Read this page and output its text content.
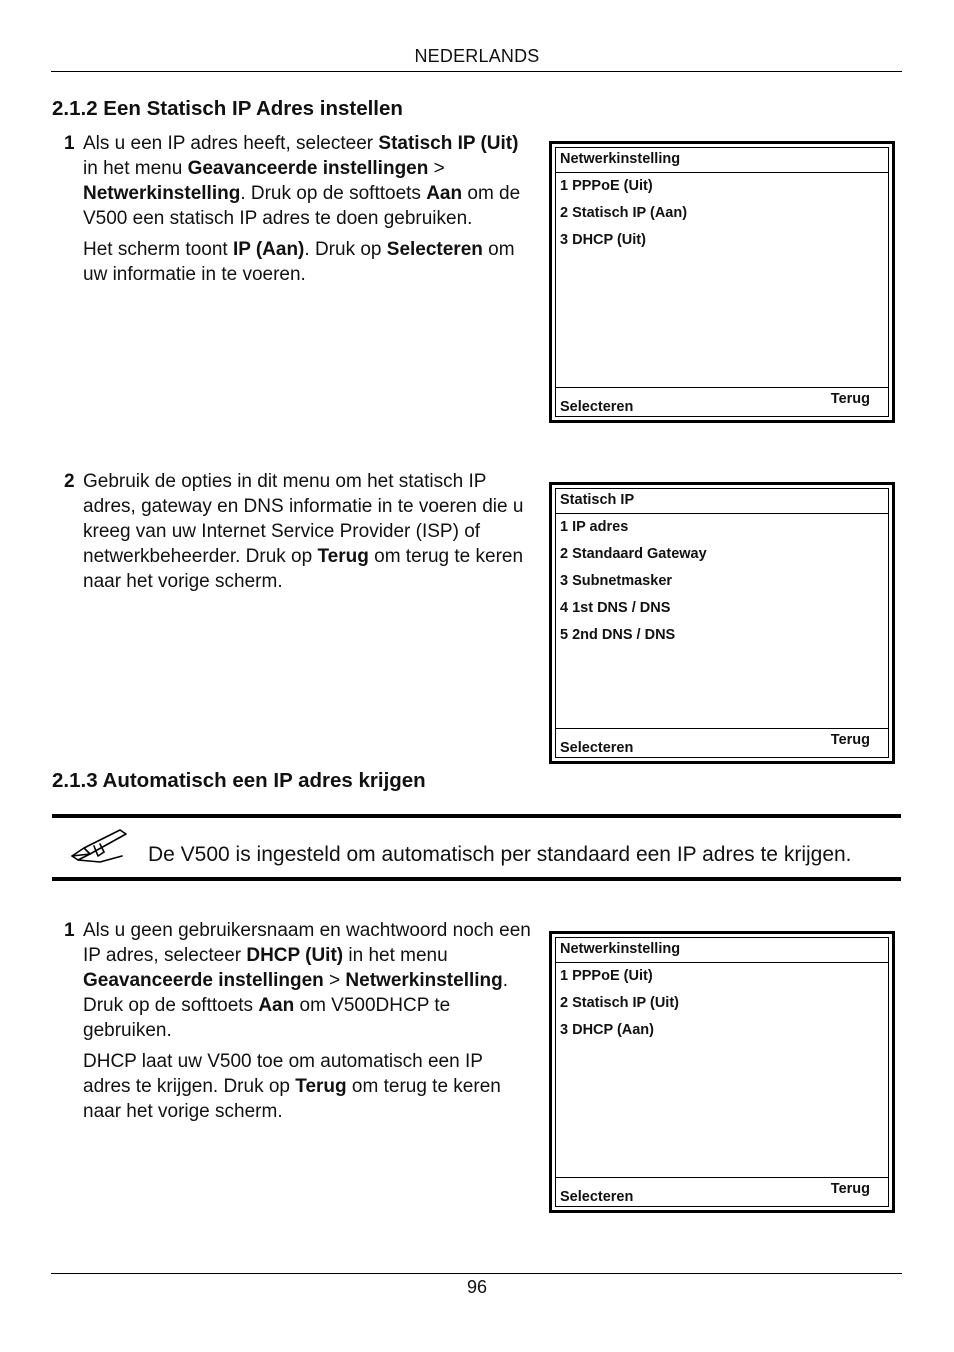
NEDERLANDS
2.1.2 Een Statisch IP Adres instellen
1 Als u een IP adres heeft, selecteer Statisch IP (Uit) in het menu Geavanceerde instellingen > Netwerkinstelling. Druk op de softtoets Aan om de V500 een statisch IP adres te doen gebruiken.

Het scherm toont IP (Aan). Druk op Selecteren om uw informatie in te voeren.

Netwerkinstelling
1 PPPoE (Uit)
2 Statisch IP (Aan)
3 DHCP (Uit)
Selecteren	Terug
2 Gebruik de opties in dit menu om het statisch IP adres, gateway en DNS informatie in te voeren die u kreeg van uw Internet Service Provider (ISP) of netwerkbeheerder. Druk op Terug om terug te keren naar het vorige scherm.

Statisch IP
1 IP adres
2 Standaard Gateway
3 Subnetmasker
4 1st DNS / DNS
5 2nd DNS / DNS
Selecteren	Terug
2.1.3 Automatisch een IP adres krijgen
De V500 is ingesteld om automatisch per standaard een IP adres te krijgen.
1 Als u geen gebruikersnaam en wachtwoord noch een IP adres, selecteer DHCP (Uit) in het menu Geavanceerde instellingen > Netwerkinstelling. Druk op de softtoets Aan om V500DHCP te gebruiken.

DHCP laat uw V500 toe om automatisch een IP adres te krijgen. Druk op Terug om terug te keren naar het vorige scherm.

Netwerkinstelling
1 PPPoE (Uit)
2 Statisch IP (Uit)
3 DHCP (Aan)
Selecteren	Terug
96
